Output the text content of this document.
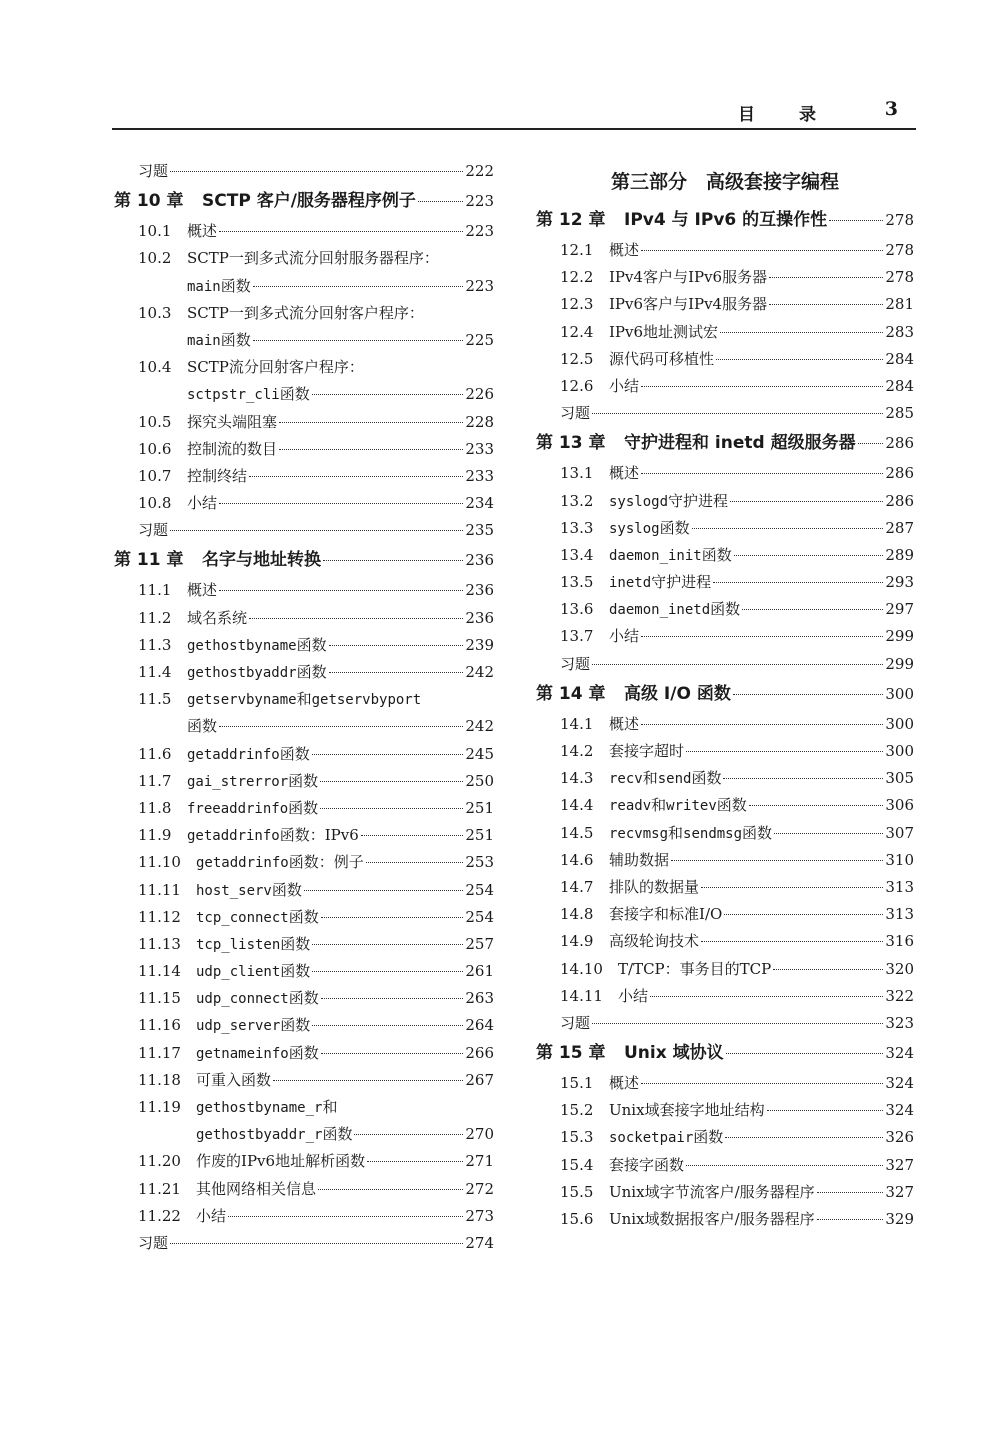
目录 3
习题	222
第 10 章	SCTP 客户/服务器程序例子	223
10.1	概述	223
10.2	SCTP一到多式流分回射服务器程序：
main函数	223
10.3	SCTP一到多式流分回射客户程序：
main函数	225
10.4	SCTP流分回射客户程序：
sctpstr_cli函数	226
10.5	探究头端阻塞	228
10.6	控制流的数目	233
10.7	控制终结	233
10.8	小结	234
习题	235
第 11 章	名字与地址转换	236
11.1	概述	236
11.2	域名系统	236
11.3	gethostbyname函数	239
11.4	gethostbyaddr函数	242
11.5	getservbyname和getservbyport
函数	242
11.6	getaddrinfo函数	245
11.7	gai_strerror函数	250
11.8	freeaddrinfo函数	251
11.9	getaddrinfo函数：IPv6	251
11.10	getaddrinfo函数：例子	253
11.11	host_serv函数	254
11.12	tcp_connect函数	254
11.13	tcp_listen函数	257
11.14	udp_client函数	261
11.15	udp_connect函数	263
11.16	udp_server函数	264
11.17	getnameinfo函数	266
11.18	可重入函数	267
11.19	gethostbyname_r和
gethostbyaddr_r函数	270
11.20	作废的IPv6地址解析函数	271
11.21	其他网络相关信息	272
11.22	小结	273
习题	274
第三部分　高级套接字编程
第 12 章	IPv4 与 IPv6 的互操作性	278
12.1	概述	278
12.2	IPv4客户与IPv6服务器	278
12.3	IPv6客户与IPv4服务器	281
12.4	IPv6地址测试宏	283
12.5	源代码可移植性	284
12.6	小结	284
习题	285
第 13 章	守护进程和 inetd 超级服务器 286
13.1	概述	286
13.2	syslogd守护进程	286
13.3	syslog函数	287
13.4	daemon_init函数	289
13.5	inetd守护进程	293
13.6	daemon_inetd函数	297
13.7	小结	299
习题	299
第 14 章	高级 I/O 函数	300
14.1	概述	300
14.2	套接字超时	300
14.3	recv和send函数	305
14.4	readv和writev函数	306
14.5	recvmsg和sendmsg函数	307
14.6	辅助数据	310
14.7	排队的数据量	313
14.8	套接字和标准I/O	313
14.9	高级轮询技术	316
14.10	T/TCP：事务目的TCP	320
14.11	小结	322
习题	323
第 15 章	Unix 域协议	324
15.1	概述	324
15.2	Unix域套接字地址结构	324
15.3	socketpair函数	326
15.4	套接字函数	327
15.5	Unix域字节流客户/服务器程序	327
15.6	Unix域数据报客户/服务器程序	329
